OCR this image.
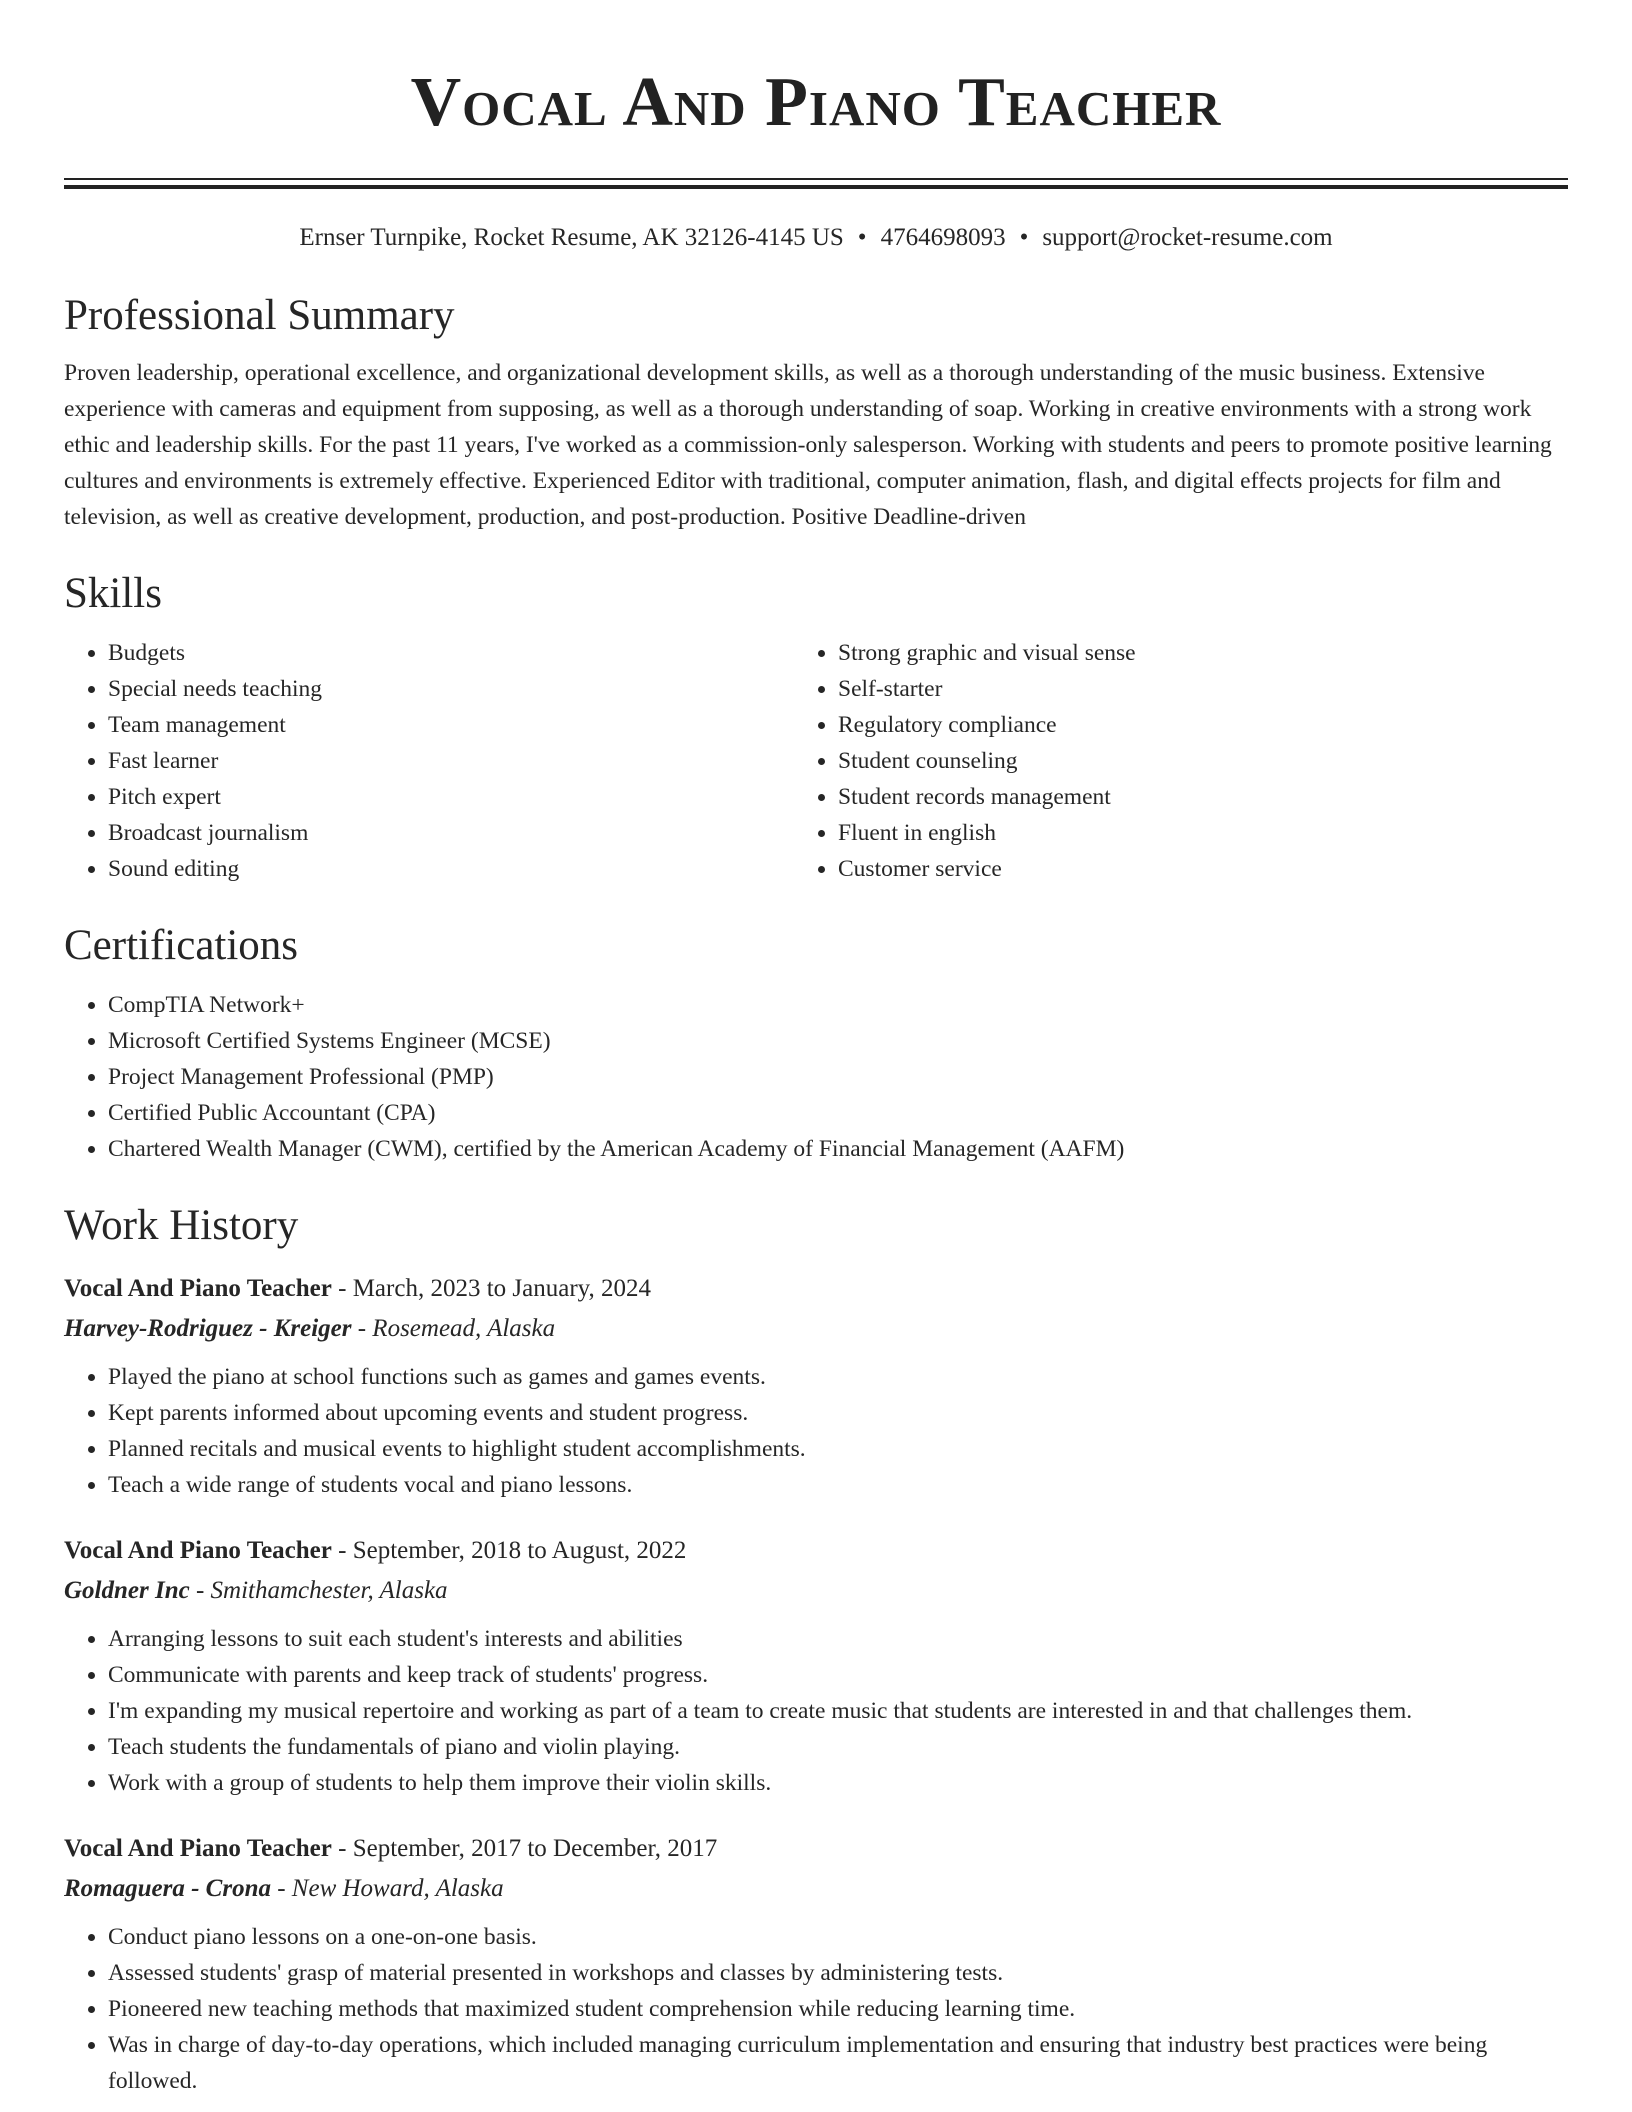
Vocal And Piano Teacher
Ernser Turnpike, Rocket Resume, AK 32126-4145 US • 4764698093 • support@rocket-resume.com
Professional Summary
Proven leadership, operational excellence, and organizational development skills, as well as a thorough understanding of the music business. Extensive experience with cameras and equipment from supposing, as well as a thorough understanding of soap. Working in creative environments with a strong work ethic and leadership skills. For the past 11 years, I've worked as a commission-only salesperson. Working with students and peers to promote positive learning cultures and environments is extremely effective. Experienced Editor with traditional, computer animation, flash, and digital effects projects for film and television, as well as creative development, production, and post-production. Positive Deadline-driven
Skills
• Budgets
• Special needs teaching
• Team management
• Fast learner
• Pitch expert
• Broadcast journalism
• Sound editing
• Strong graphic and visual sense
• Self-starter
• Regulatory compliance
• Student counseling
• Student records management
• Fluent in english
• Customer service
Certifications
• CompTIA Network+
• Microsoft Certified Systems Engineer (MCSE)
• Project Management Professional (PMP)
• Certified Public Accountant (CPA)
• Chartered Wealth Manager (CWM), certified by the American Academy of Financial Management (AAFM)
Work History
Vocal And Piano Teacher - March, 2023 to January, 2024
Harvey-Rodriguez - Kreiger - Rosemead, Alaska
• Played the piano at school functions such as games and games events.
• Kept parents informed about upcoming events and student progress.
• Planned recitals and musical events to highlight student accomplishments.
• Teach a wide range of students vocal and piano lessons.
Vocal And Piano Teacher - September, 2018 to August, 2022
Goldner Inc - Smithamchester, Alaska
• Arranging lessons to suit each student's interests and abilities
• Communicate with parents and keep track of students' progress.
• I'm expanding my musical repertoire and working as part of a team to create music that students are interested in and that challenges them.
• Teach students the fundamentals of piano and violin playing.
• Work with a group of students to help them improve their violin skills.
Vocal And Piano Teacher - September, 2017 to December, 2017
Romaguera - Crona - New Howard, Alaska
• Conduct piano lessons on a one-on-one basis.
• Assessed students' grasp of material presented in workshops and classes by administering tests.
• Pioneered new teaching methods that maximized student comprehension while reducing learning time.
• Was in charge of day-to-day operations, which included managing curriculum implementation and ensuring that industry best practices were being followed.
